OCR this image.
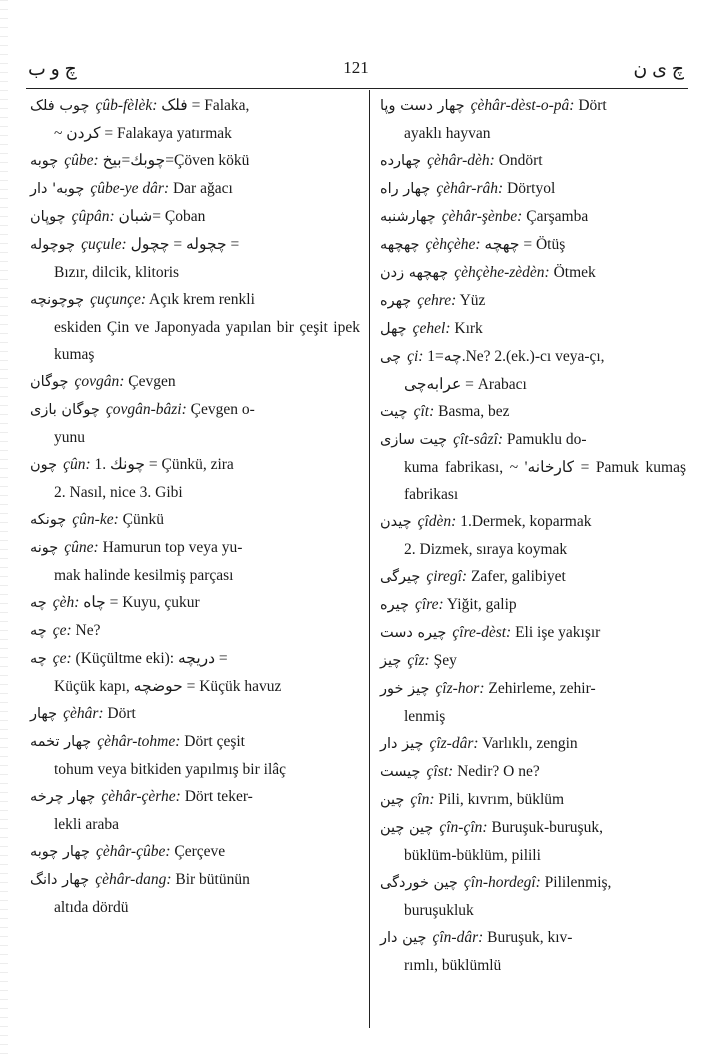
چ و ب	121	چ ی ن
چوب فلک çûb-fèlèk: فلک = Falaka,
~ كردن = Falakaya yatırmak
چوبه çûbe: چوبك=بیخ=Çöven kökü
چوبه' دار çûbe-ye dâr: Dar ağacı
چوپان çûpân: شبان= Çoban
چوچوله çuçule: چچوله = چچول =
Bızır, dilcik, klitoris
چوچونچه çuçunçe: Açık krem renkli
eskiden Çin ve Japonyada yapılan bir çeşit ipek kumaş
چوگان çovgân: Çevgen
چوگان بازی çovgân-bâzi: Çevgen o-
yunu
چون çûn: 1. چونك = Çünkü, zira
2. Nasıl, nice 3. Gibi
چونکه çûn-ke: Çünkü
چونه çûne: Hamurun top veya yu-
mak halinde kesilmiş parçası
چه çèh: چاه = Kuyu, çukur
چه çe: Ne?
چه çe: (Küçültme eki): دریچه =
Küçük kapı, حوضچه = Küçük havuz
چهار çèhâr: Dört
چهار تخمه çèhâr-tohme: Dört çeşit
tohum veya bitkiden yapılmış bir ilâç
چهار چرخه çèhâr-çèrhe: Dört teker-
lekli araba
چهار چوبه çèhâr-çûbe: Çerçeve
چهار دانگ çèhâr-dang: Bir bütünün
altıda dördü
چهار دست وپا çèhâr-dèst-o-pâ: Dört
ayaklı hayvan
چهارده çèhâr-dèh: Ondört
چهار راه çèhâr-râh: Dörtyol
چهارشنبه çèhâr-şènbe: Çarşamba
چهچهه çèhçèhe: چهچه = Ötüş
چهچهه زدن çèhçèhe-zèdèn: Ötmek
چهره çehre: Yüz
چهل çehel: Kırk
چی çi: چه=1.Ne? 2.(ek.)-cı veya-çı,
عرابه‌چی = Arabacı
چیت çît: Basma, bez
چیت سازی çît-sâzî: Pamuklu do-
kuma fabrikası, ~ 'كارخانه = Pamuk kumaş fabrikası
چیدن çîdèn: 1.Dermek, koparmak
2. Dizmek, sıraya koymak
چیرگی çiregî: Zafer, galibiyet
چیره çîre: Yiğit, galip
چیره دست çîre-dèst: Eli işe yakışır
چیز çîz: Şey
چیز خور çîz-hor: Zehirleme, zehir-
lenmiş
چیز دار çîz-dâr: Varlıklı, zengin
چیست çîst: Nedir? O ne?
چین çîn: Pili, kıvrım, büklüm
چین چین çîn-çîn: Buruşuk-buruşuk,
büklüm-büklüm, pilili
چین خوردگی çîn-hordegî: Pililenmiş,
buruşukluk
چین دار çîn-dâr: Buruşuk, kıv-
rımlı, büklümlü
